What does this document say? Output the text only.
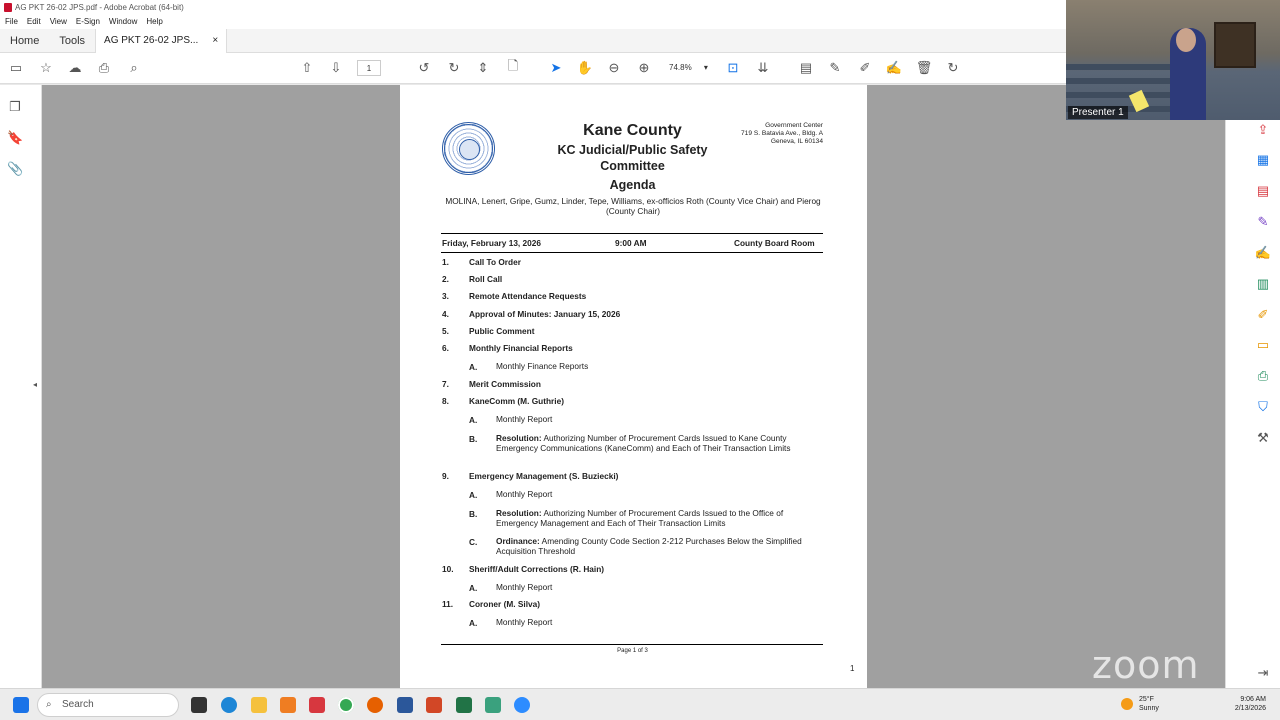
AG PKT 26-02 JPS.pdf - Adobe Acrobat (64-bit)
File Edit View E-Sign Window Help
Home	Tools	AG PKT 26-02 JPS... ×
▭ ☆ ☁ ⎙	⌕	⇧ ⇩	↺ ↻ ⇕ 🗋 ➤ ✋ ⊖ ⊕	⊡ ⇊ ▤ ✎ ✐ ✍ 🗑 ↻
1
74.8% ▾
❐
🔖
📎
◂
Kane County
KC Judicial/Public Safety
Committee
Agenda
Government Center
719 S. Batavia Ave., Bldg. A
Geneva, IL 60134
MOLINA, Lenert, Gripe, Gumz, Linder, Tepe, Williams, ex-officios Roth (County Vice Chair) and Pierog (County Chair)
Friday, February 13, 2026	9:00 AM	County Board Room
1. Call To Order
2. Roll Call
3. Remote Attendance Requests
4. Approval of Minutes: January 15, 2026
5. Public Comment
6. Monthly Financial Reports
A. Monthly Finance Reports
7. Merit Commission
8. KaneComm (M. Guthrie)
A. Monthly Report
B. Resolution: Authorizing Number of Procurement Cards Issued to Kane County Emergency Communications (KaneComm) and Each of Their Transaction Limits
9. Emergency Management (S. Buziecki)
A. Monthly Report
B. Resolution: Authorizing Number of Procurement Cards Issued to the Office of Emergency Management and Each of Their Transaction Limits
C. Ordinance: Amending County Code Section 2-212 Purchases Below the Simplified Acquisition Threshold
10. Sheriff/Adult Corrections (R. Hain)
A. Monthly Report
11. Coroner (M. Silva)
A. Monthly Report
Page 1 of 3
1
⇪
▦
▤
✎
✍
▥
✐
▭
⎙
⛉
⚒
⇥
Presenter 1
zoom
⌕ Search	25°F
Sunny
9:06 AM
2/13/2026
